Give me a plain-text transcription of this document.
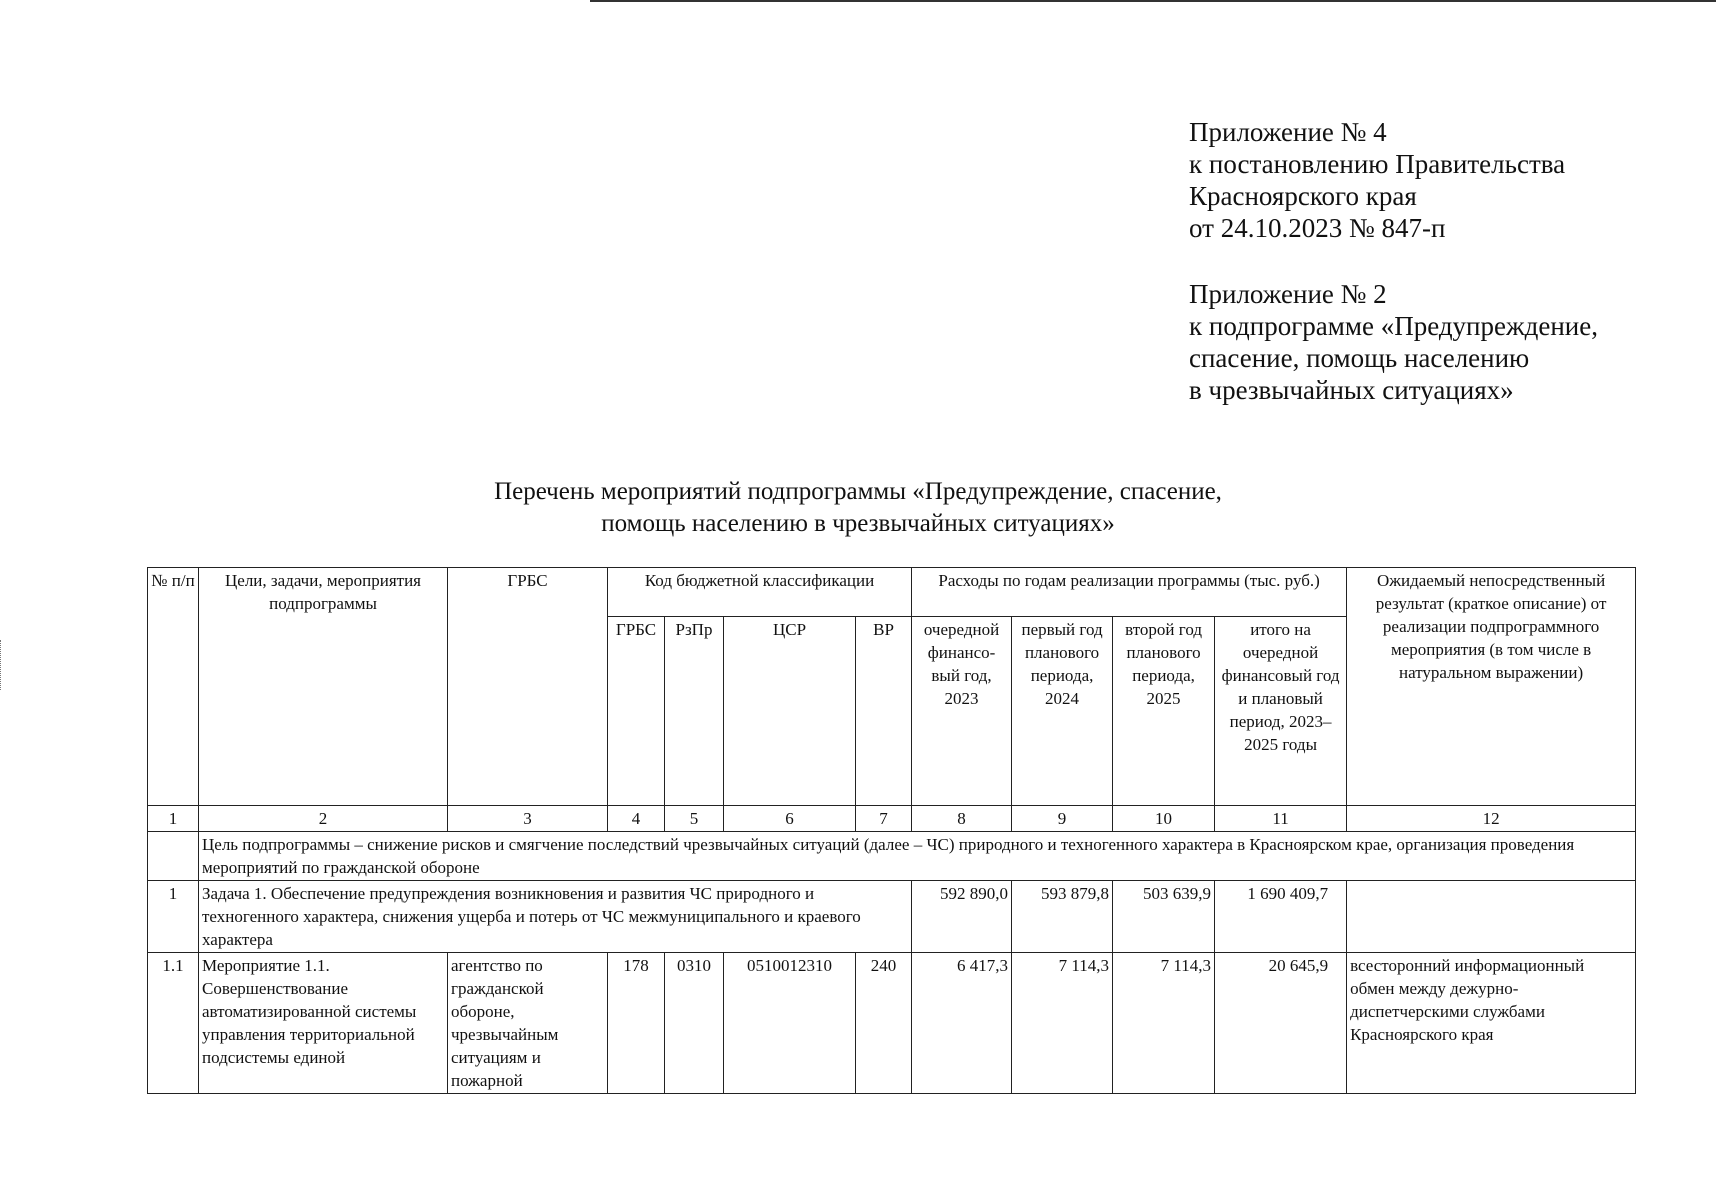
Приложение № 4
к постановлению Правительства
Красноярского края
от 24.10.2023 № 847-п
Приложение № 2
к подпрограмме «Предупреждение,
спасение, помощь населению
в чрезвычайных ситуациях»
Перечень мероприятий подпрограммы «Предупреждение, спасение,
помощь населению в чрезвычайных ситуациях»
№ п/п	Цели, задачи, мероприятия подпрограммы	ГРБС	Код бюджетной классификации				Расходы по годам реализации программы (тыс. руб.)				Ожидаемый непосредственный результат (краткое описание) от реализации подпрограммного мероприятия (в том числе в натуральном выражении)
			ГРБС	РзПр	ЦСР	ВР	очередной финансо-вый год, 2023	первый год планового периода, 2024	второй год планового периода, 2025	итого на очередной финансовый год и плановый период, 2023–2025 годы	
1	2	3	4	5	6	7	8	9	10	11	12
	Цель подпрограммы – снижение рисков и смягчение последствий чрезвычайных ситуаций (далее – ЧС) природного и техногенного характера в Красноярском крае, организация проведения мероприятий по гражданской обороне										
1	Задача 1. Обеспечение предупреждения возникновения и развития ЧС природного и техногенного характера, снижения ущерба и потерь от ЧС межмуниципального и краевого характера						592 890,0	593 879,8	503 639,9	1 690 409,7	
1.1	Мероприятие 1.1. Совершенствование автоматизированной системы управления территориальной подсистемы единой	агентство по гражданской обороне, чрезвычайным ситуациям и пожарной	178	0310	0510012310	240	6 417,3	7 114,3	7 114,3	20 645,9	всесторонний информационный обмен между дежурно-диспетчерскими службами Красноярского края
